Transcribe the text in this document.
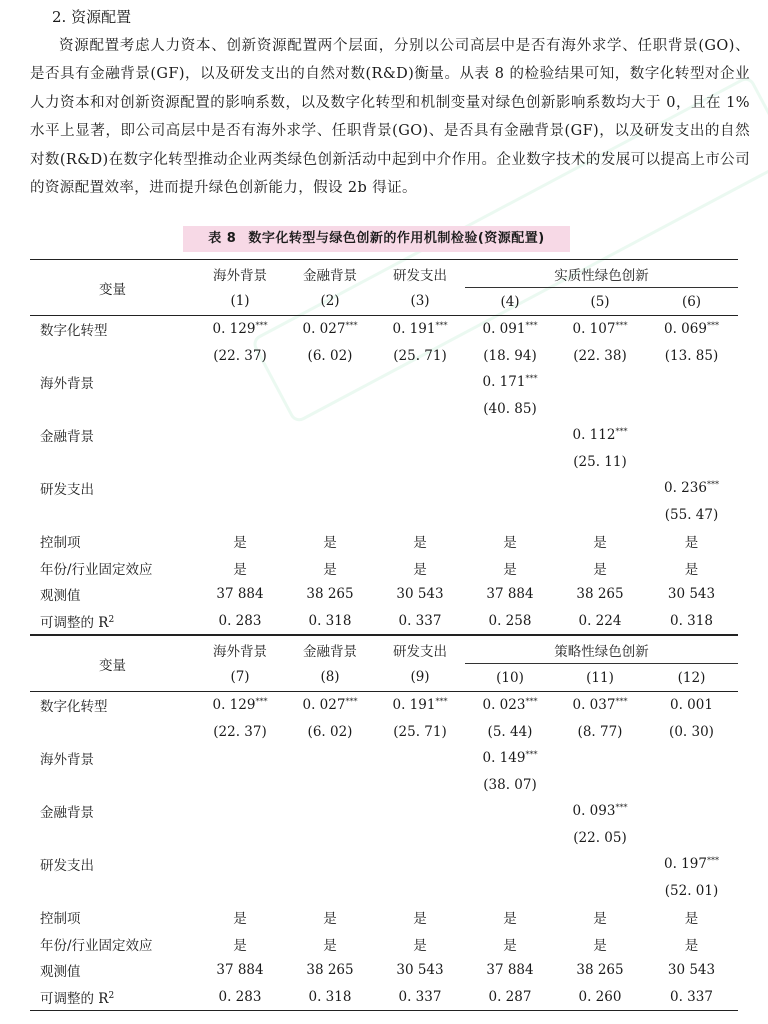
2. 资源配置
资源配置考虑人力资本、创新资源配置两个层面，分别以公司高层中是否有海外求学、任职背景(GO)、是否具有金融背景(GF)，以及研发支出的自然对数(R&D)衡量。从表 8 的检验结果可知，数字化转型对企业人力资本和对创新资源配置的影响系数，以及数字化转型和机制变量对绿色创新影响系数均大于 0，且在 1% 水平上显著，即公司高层中是否有海外求学、任职背景(GO)、是否具有金融背景(GF)，以及研发支出的自然对数(R&D)在数字化转型推动企业两类绿色创新活动中起到中介作用。企业数字技术的发展可以提高上市公司的资源配置效率，进而提升绿色创新能力，假设 2b 得证。
表 8 数字化转型与绿色创新的作用机制检验(资源配置)
变量	海外背景	金融背景	研发支出	实质性绿色创新		
	(1)	(2)	(3)	(4)	(5)	(6)
数字化转型	0. 129***	0. 027***	0. 191***	0. 091***	0. 107***	0. 069***
	(22. 37)	(6. 02)	(25. 71)	(18. 94)	(22. 38)	(13. 85)
海外背景				0. 171***		
				(40. 85)		
金融背景					0. 112***	
					(25. 11)	
研发支出						0. 236***
						(55. 47)
控制项	是	是	是	是	是	是
年份/行业固定效应	是	是	是	是	是	是
观测值	37 884	38 265	30 543	37 884	38 265	30 543
可调整的 $R^2$	0. 283	0. 318	0. 337	0. 258	0. 224	0. 318
变量	海外背景	金融背景	研发支出	策略性绿色创新		
	(7)	(8)	(9)	(10)	(11)	(12)
数字化转型	0. 129***	0. 027***	0. 191***	0. 023***	0. 037***	0. 001
	(22. 37)	(6. 02)	(25. 71)	(5. 44)	(8. 77)	(0. 30)
海外背景				0. 149***		
				(38. 07)		
金融背景					0. 093***	
					(22. 05)	
研发支出						0. 197***
						(52. 01)
控制项	是	是	是	是	是	是
年份/行业固定效应	是	是	是	是	是	是
观测值	37 884	38 265	30 543	37 884	38 265	30 543
可调整的 $R^2$	0. 283	0. 318	0. 337	0. 287	0. 260	0. 337
